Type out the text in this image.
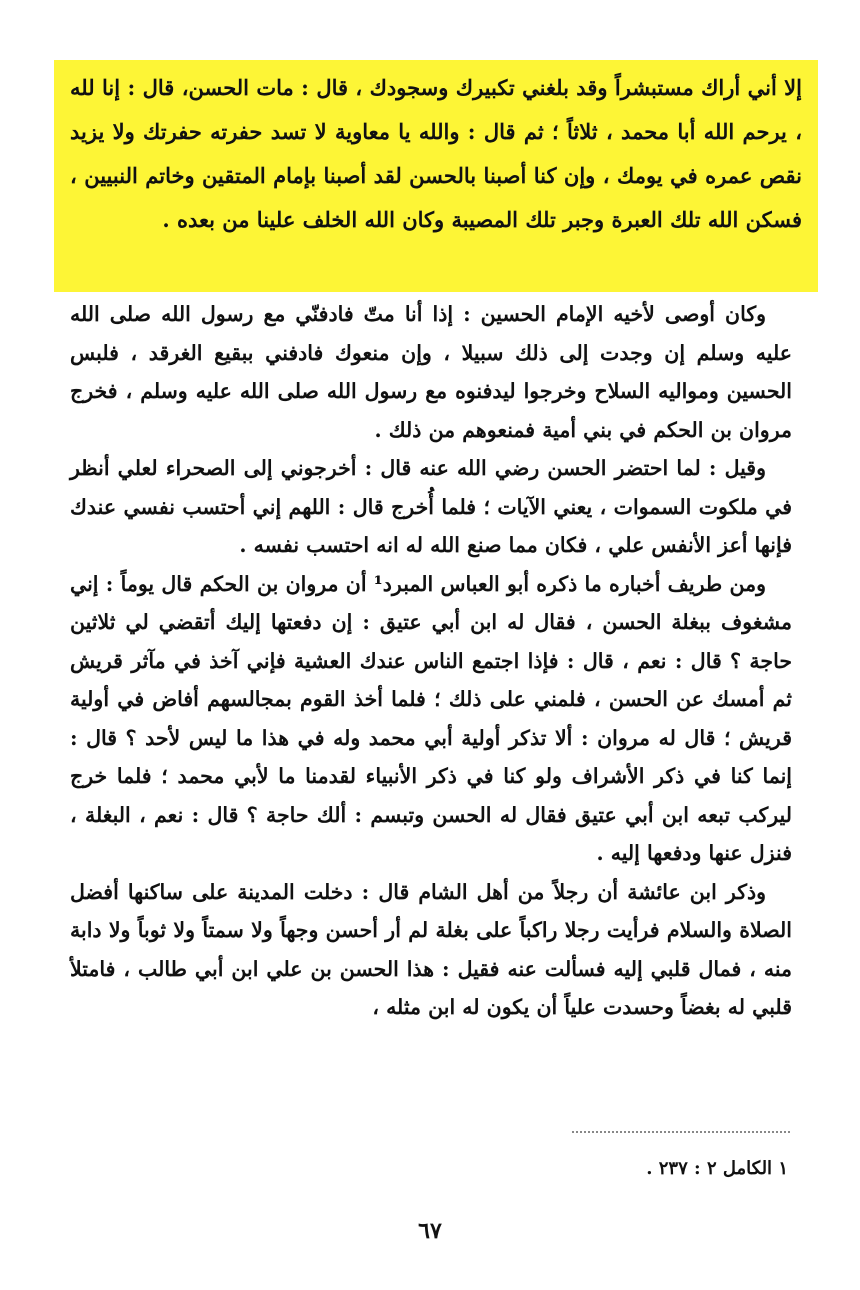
إلا أني أراك مستبشراً وقد بلغني تكبيرك وسجودك ، قال : مات الحسن، قال : إنا لله ، يرحم الله أبا محمد ، ثلاثاً ؛ ثم قال : والله يا معاوية لا تسد حفرته حفرتك ولا يزيد نقص عمره في يومك ، وإن كنا أصبنا بالحسن لقد أصبنا بإمام المتقين وخاتم النبيين ، فسكن الله تلك العبرة وجبر تلك المصيبة وكان الله الخلف علينا من بعده .

وكان أوصى لأخيه الإمام الحسين : إذا أنا متّ فادفنّي مع رسول الله صلى الله عليه وسلم إن وجدت إلى ذلك سبيلا ، وإن منعوك فادفني ببقيع الغرقد ، فلبس الحسين ومواليه السلاح وخرجوا ليدفنوه مع رسول الله صلى الله عليه وسلم ، فخرج مروان بن الحكم في بني أمية فمنعوهم من ذلك .

وقيل : لما احتضر الحسن رضي الله عنه قال : أخرجوني إلى الصحراء لعلي أنظر في ملكوت السموات ، يعني الآيات ؛ فلما أُخرج قال : اللهم إني أحتسب نفسي عندك فإنها أعز الأنفس علي ، فكان مما صنع الله له انه احتسب نفسه .

ومن طريف أخباره ما ذكره أبو العباس المبرد¹ أن مروان بن الحكم قال يوماً : إني مشغوف ببغلة الحسن ، فقال له ابن أبي عتيق : إن دفعتها إليك أتقضي لي ثلاثين حاجة ؟ قال : نعم ، قال : فإذا اجتمع الناس عندك العشية فإني آخذ في مآثر قريش ثم أمسك عن الحسن ، فلمني على ذلك ؛ فلما أخذ القوم بمجالسهم أفاض في أولية قريش ؛ قال له مروان : ألا تذكر أولية أبي محمد وله في هذا ما ليس لأحد ؟ قال : إنما كنا في ذكر الأشراف ولو كنا في ذكر الأنبياء لقدمنا ما لأبي محمد ؛ فلما خرج ليركب تبعه ابن أبي عتيق فقال له الحسن وتبسم : ألك حاجة ؟ قال : نعم ، البغلة ، فنزل عنها ودفعها إليه .

وذكر ابن عائشة أن رجلاً من أهل الشام قال : دخلت المدينة على ساكنها أفضل الصلاة والسلام فرأيت رجلا راكباً على بغلة لم أر أحسن وجهاً ولا سمتاً ولا ثوباً ولا دابة منه ، فمال قلبي إليه فسألت عنه فقيل : هذا الحسن بن علي ابن أبي طالب ، فامتلأ قلبي له بغضاً وحسدت علياً أن يكون له ابن مثله ،

١ الكامل ٢ : ٢٣٧ .
٦٧
